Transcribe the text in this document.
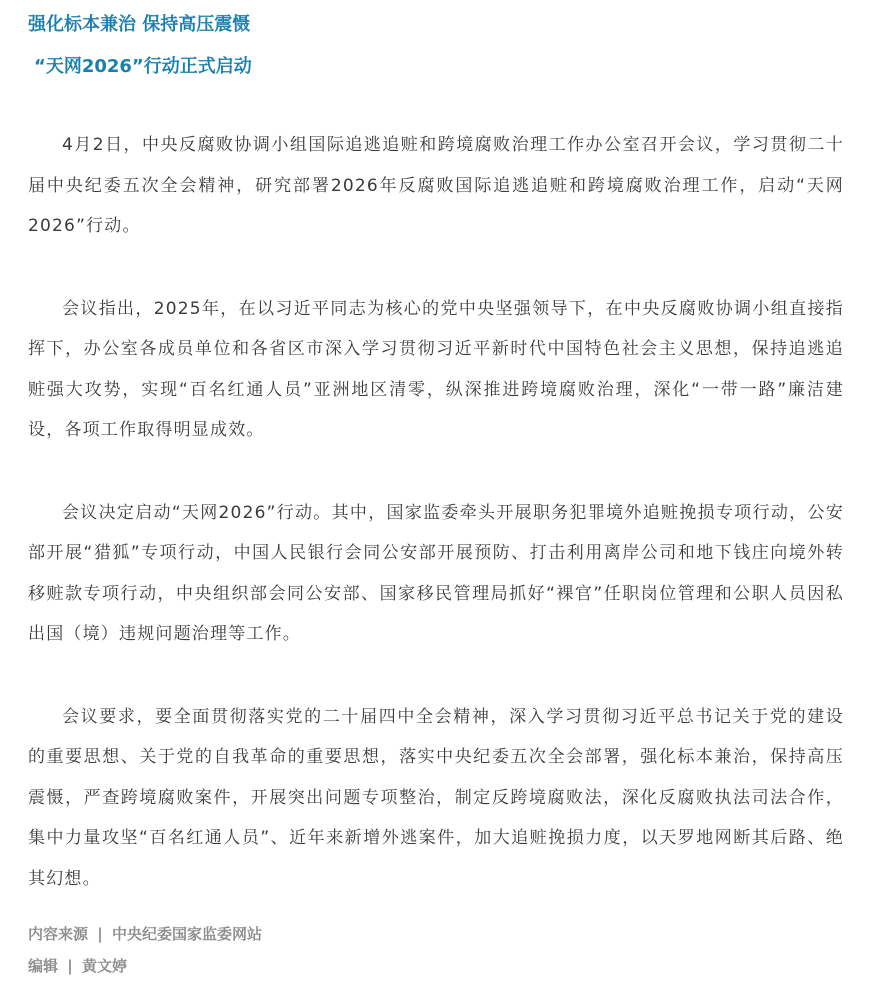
强化标本兼治 保持高压震慑
“天网2026”行动正式启动

4月2日，中央反腐败协调小组国际追逃追赃和跨境腐败治理工作办公室召开会议，学习贯彻二十届中央纪委五次全会精神，研究部署2026年反腐败国际追逃追赃和跨境腐败治理工作，启动“天网2026”行动。

会议指出，2025年，在以习近平同志为核心的党中央坚强领导下，在中央反腐败协调小组直接指挥下，办公室各成员单位和各省区市深入学习贯彻习近平新时代中国特色社会主义思想，保持追逃追赃强大攻势，实现“百名红通人员”亚洲地区清零，纵深推进跨境腐败治理，深化“一带一路”廉洁建设，各项工作取得明显成效。

会议决定启动“天网2026”行动。其中，国家监委牵头开展职务犯罪境外追赃挽损专项行动，公安部开展“猎狐”专项行动，中国人民银行会同公安部开展预防、打击利用离岸公司和地下钱庄向境外转移赃款专项行动，中央组织部会同公安部、国家移民管理局抓好“裸官”任职岗位管理和公职人员因私出国（境）违规问题治理等工作。

会议要求，要全面贯彻落实党的二十届四中全会精神，深入学习贯彻习近平总书记关于党的建设的重要思想、关于党的自我革命的重要思想，落实中央纪委五次全会部署，强化标本兼治，保持高压震慑，严查跨境腐败案件，开展突出问题专项整治，制定反跨境腐败法，深化反腐败执法司法合作，集中力量攻坚“百名红通人员”、近年来新增外逃案件，加大追赃挽损力度，以天罗地网断其后路、绝其幻想。

内容来源 | 中央纪委国家监委网站
编辑 | 黄文婷
